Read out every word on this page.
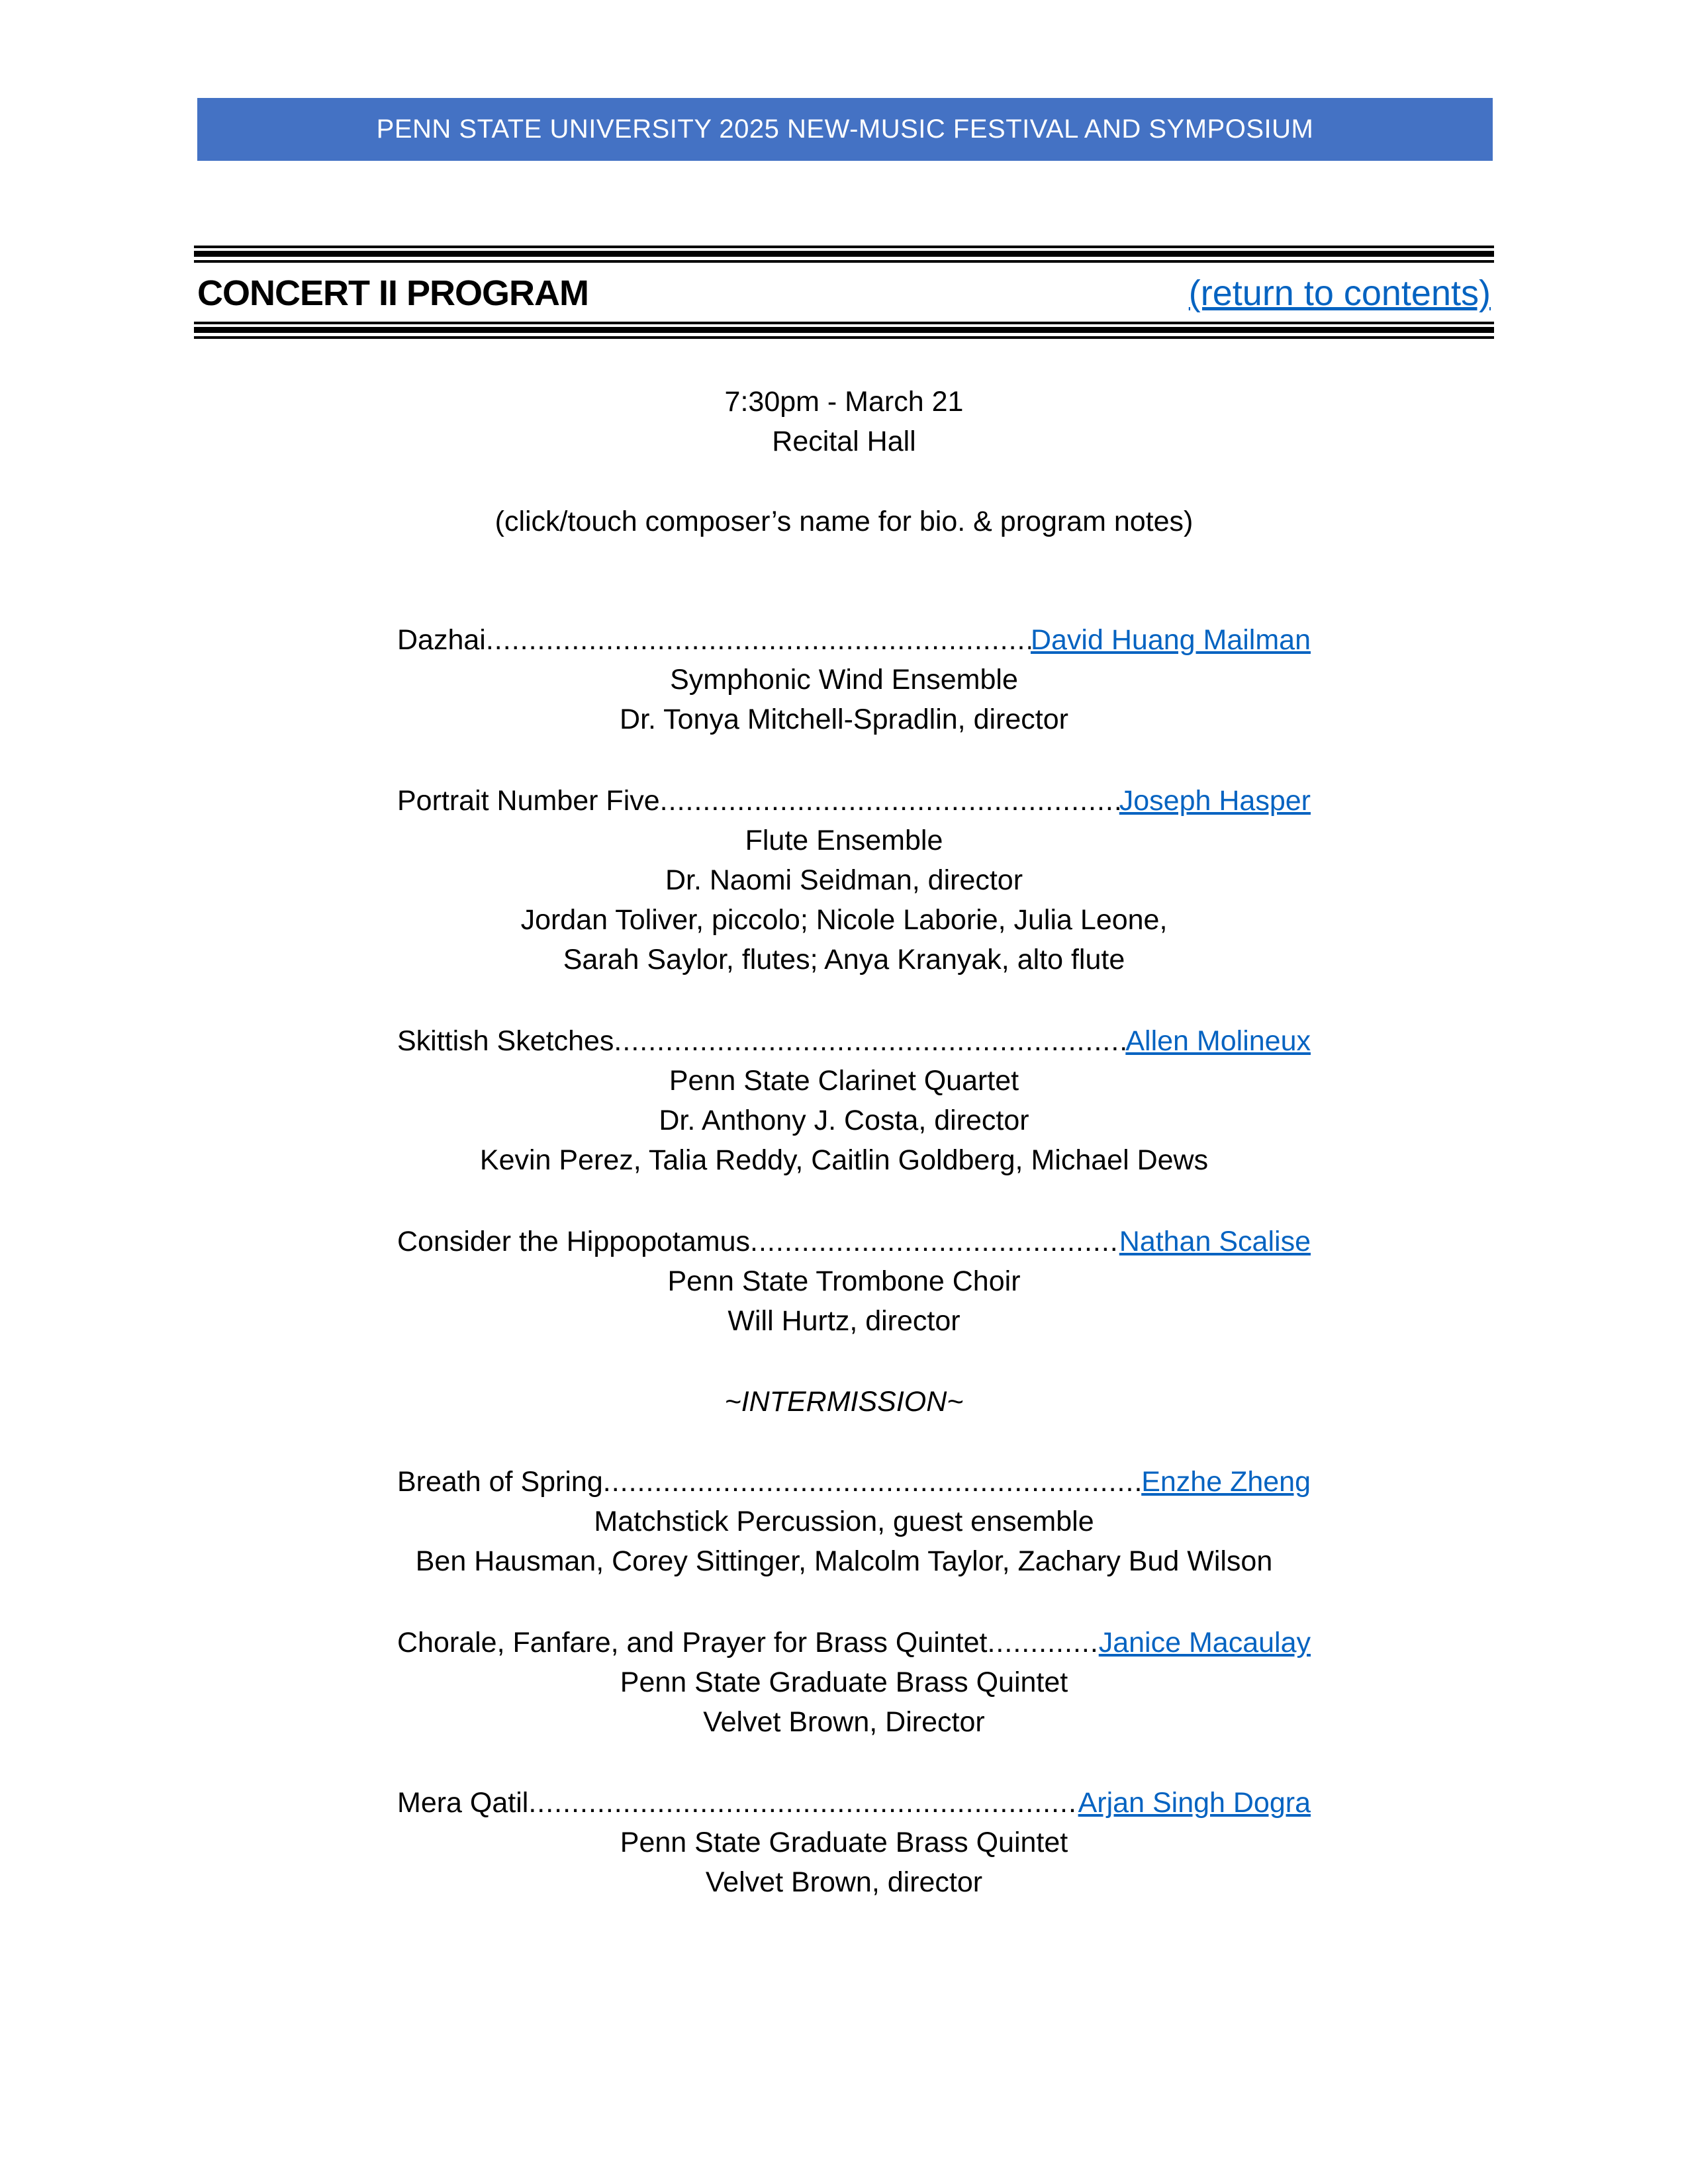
PENN STATE UNIVERSITY 2025 NEW-MUSIC FESTIVAL AND SYMPOSIUM
CONCERT II PROGRAM	(return to contents)
7:30pm - March 21
Recital Hall
(click/touch composer’s name for bio. & program notes)
Dazhai .....	David Huang Mailman
Symphonic Wind Ensemble
Dr. Tonya Mitchell-Spradlin, director
Portrait Number Five .....	Joseph Hasper
Flute Ensemble
Dr. Naomi Seidman, director
Jordan Toliver, piccolo; Nicole Laborie, Julia Leone,
Sarah Saylor, flutes; Anya Kranyak, alto flute
Skittish Sketches .....	Allen Molineux
Penn State Clarinet Quartet
Dr. Anthony J. Costa, director
Kevin Perez, Talia Reddy, Caitlin Goldberg, Michael Dews
Consider the Hippopotamus .....	Nathan Scalise
Penn State Trombone Choir
Will Hurtz, director
~INTERMISSION~
Breath of Spring .....	Enzhe Zheng
Matchstick Percussion, guest ensemble
Ben Hausman, Corey Sittinger, Malcolm Taylor, Zachary Bud Wilson
Chorale, Fanfare, and Prayer for Brass Quintet .....	Janice Macaulay
Penn State Graduate Brass Quintet
Velvet Brown, Director
Mera Qatil .....	Arjan Singh Dogra
Penn State Graduate Brass Quintet
Velvet Brown, director
